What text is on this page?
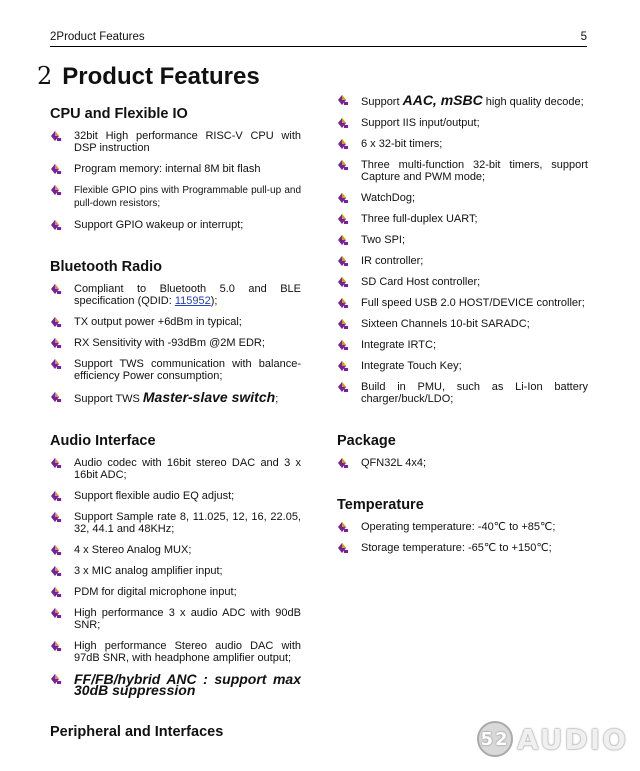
2Product Features	5
2 Product Features
CPU and Flexible IO
32bit High performance RISC-V CPU with DSP instruction
Program memory: internal 8M bit flash
Flexible GPIO pins with Programmable pull-up and pull-down resistors;
Support GPIO wakeup or interrupt;
Bluetooth Radio
Compliant to Bluetooth 5.0 and BLE specification (QDID: 115952);
TX output power +6dBm in typical;
RX Sensitivity with -93dBm @2M EDR;
Support TWS communication with balance-efficiency Power consumption;
Support TWS Master-slave switch;
Audio Interface
Audio codec with 16bit stereo DAC and 3 x 16bit ADC;
Support flexible audio EQ adjust;
Support Sample rate 8, 11.025, 12, 16, 22.05, 32, 44.1 and 48KHz;
4 x Stereo Analog MUX;
3 x MIC analog amplifier input;
PDM for digital microphone input;
High performance 3 x audio ADC with 90dB SNR;
High performance Stereo audio DAC with 97dB SNR, with headphone amplifier output;
FF/FB/hybrid ANC : support max 30dB suppression
Peripheral and Interfaces
Support AAC, mSBC high quality decode;
Support IIS input/output;
6 x 32-bit timers;
Three multi-function 32-bit timers, support Capture and PWM mode;
WatchDog;
Three full-duplex UART;
Two SPI;
IR controller;
SD Card Host controller;
Full speed USB 2.0 HOST/DEVICE controller;
Sixteen Channels 10-bit SARADC;
Integrate IRTC;
Integrate Touch Key;
Build in PMU, such as Li-Ion battery charger/buck/LDO;
Package
QFN32L 4x4;
Temperature
Operating temperature: -40℃ to +85℃;
Storage temperature: -65℃ to +150℃;
52 AUDIO
